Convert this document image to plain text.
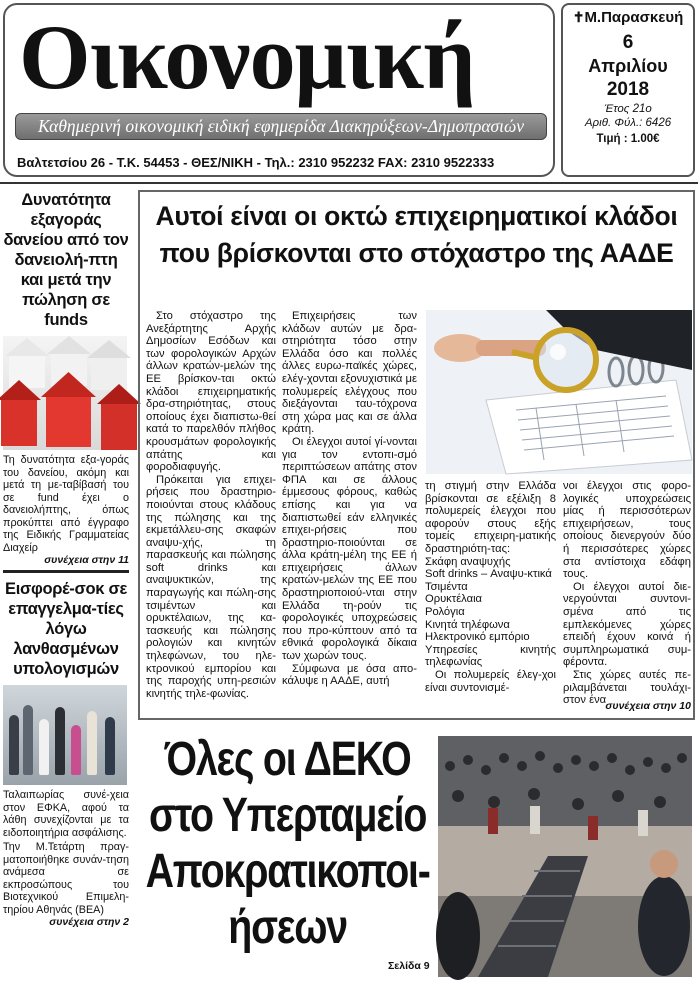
Οικονομική
Καθημερινή οικονομική ειδική εφημερίδα Διακηρύξεων-Δημοπρασιών
Βαλτετσίου 26 - Τ.Κ. 54453 - ΘΕΣ/ΝΙΚΗ - Τηλ.: 2310 952232 FAX: 2310 9522333
✝Μ.Παρασκευή
6
Απριλίου
2018
Έτος 21ο
Αριθ. Φύλ.: 6426
Τιμή : 1.00€
Δυνατότητα εξαγοράς δανείου από τον δανειολή-πτη και μετά την πώληση σε funds
Τη δυνατότητα εξα-γοράς του δανείου, ακόμη και μετά τη με-ταβίβασή του σε fund έχει ο δανειολήπτης, όπως προκύπτει από έγγραφο της Ειδικής Γραμματείας Διαχείρ
συνέχεια στην 11
Εισφορέ-σοκ σε επαγγελμα-τίες λόγω λανθασμένων υπολογισμών
Ταλαιπωρίας συνέ-χεια στον ΕΦΚΑ, αφού τα λάθη συνεχίζονται με τα ειδοποιητήρια ασφάλισης.
Την Μ.Τετάρτη πραγ-ματοποιήθηκε συνάν-τηση ανάμεσα σε εκπροσώπους του Βιοτεχνικού Επιμελη-τηρίου Αθηνάς (ΒΕΑ)
συνέχεια στην 2
Αυτοί είναι οι οκτώ επιχειρηματικοί κλάδοι που βρίσκονται στο στόχαστρο της ΑΑΔΕ

Στο στόχαστρο της Ανεξάρτητης Αρχής Δημοσίων Εσόδων και των φορολογικών Αρχών άλλων κρατών-μελών της ΕΕ βρίσκον-ται οκτώ κλάδοι επιχειρηματικής δρα-στηριότητας, στους οποίους έχει διαπιστω-θεί κατά το παρελθόν πλήθος κρουσμάτων φορολογικής απάτης και φοροδιαφυγής.

Πρόκειται για επιχει-ρήσεις που δραστηριο-ποιούνται στους κλάδους της πώλησης και της εκμετάλλευ-σης σκαφών αναψυ-χής, τη παρασκευής και πώλησης soft drinks και αναψυκτικών, της παραγωγής και πώλη-σης τσιμέντων και ορυκτέλαιων, της κα-τασκευής και πώλησης ρολογιών και κινητών τηλεφώνων, του ηλε-κτρονικού εμπορίου και της παροχής υπη-ρεσιών κινητής τηλε-φωνίας.

Επιχειρήσεις των κλάδων αυτών με δρα-στηριότητα τόσο στην Ελλάδα όσο και πολλές άλλες ευρω-παϊκές χώρες, ελέγ-χονται εξονυχιστικά με πολυμερείς ελέγχους που διεξάγονται ταυ-τόχρονα στη χώρα μας και σε άλλα κράτη.

Οι έλεγχοι αυτοί γί-νονται για τον εντοπι-σμό περιπτώσεων απάτης στον ΦΠΑ και σε άλλους έμμεσους φόρους, καθώς επίσης και για να διαπιστωθεί εάν ελληνικές επιχει-ρήσεις που δραστηριο-ποιούνται σε άλλα κράτη-μέλη της ΕΕ ή επιχειρήσεις άλλων κρατών-μελών της ΕΕ που δραστηριοποιού-νται στην Ελλάδα τη-ρούν τις φορολογικές υποχρεώσεις που προ-κύπτουν από τα εθνικά φορολογικά δίκαια των χωρών τους.

Σύμφωνα με όσα απο-κάλυψε η ΑΑΔΕ, αυτή

τη στιγμή στην Ελλάδα βρίσκονται σε εξέλιξη 8 πολυμερείς έλεγχοι που αφορούν στους εξής τομείς επιχειρη-ματικής δραστηριότη-τας:

Σκάφη αναψυχής
Soft drinks – Αναψυ-κτικά
Τσιμέντα
Ορυκτέλαια
Ρολόγια
Κινητά τηλέφωνα
Ηλεκτρονικό εμπόριο
Υπηρεσίες κινητής τηλεφωνίας

Οι πολυμερείς έλεγ-χοι είναι συντονισμέ-

νοι έλεγχοι στις φορο-λογικές υποχρεώσεις μίας ή περισσότερων επιχειρήσεων, τους οποίους διενεργούν δύο ή περισσότερες χώρες στα αντίστοιχα εδάφη τους.

Οι έλεγχοι αυτοί διε-νεργούνται συντονι-σμένα από τις εμπλεκόμενες χώρες επειδή έχουν κοινά ή συμπληρωματικά συμ-φέροντα.

Στις χώρες αυτές πε-ριλαμβάνεται τουλάχι-στον ένα συνέχεια στην 10
Όλες οι ΔΕΚΟ
στο Υπερταμείο
Αποκρατικοποι-
ήσεων
Σελίδα 9
